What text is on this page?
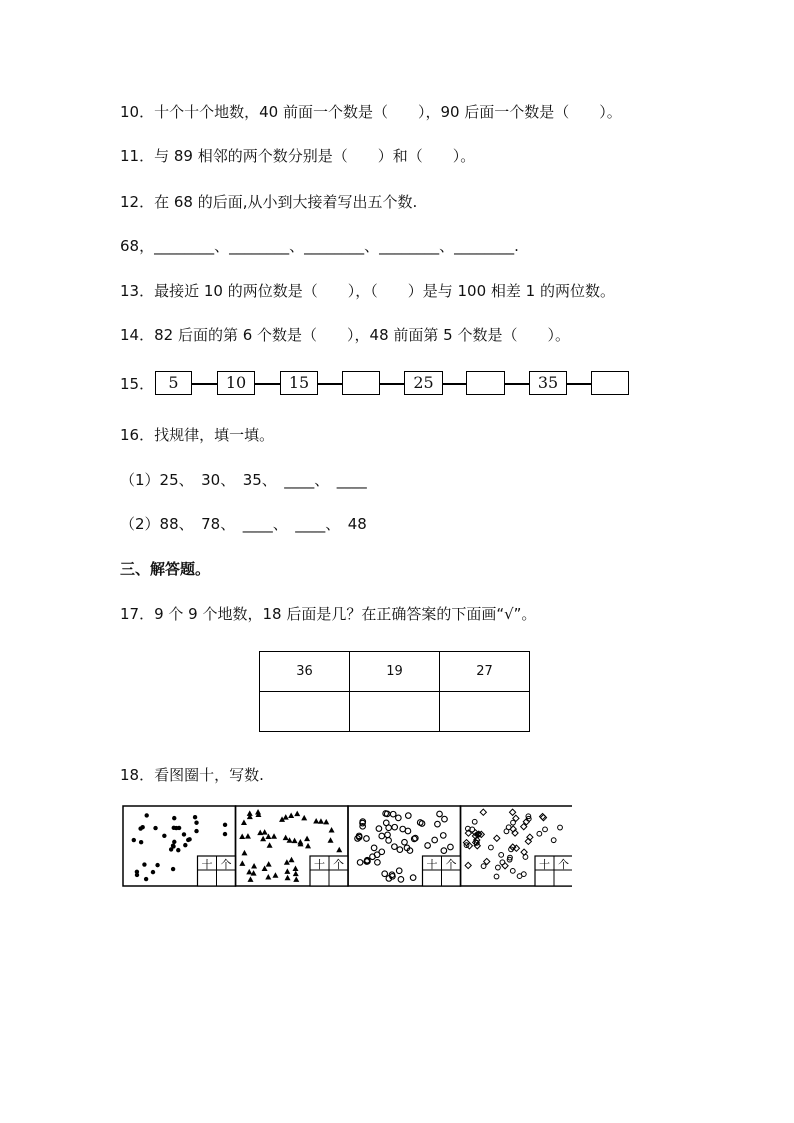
10．十个十个地数，40 前面一个数是（　　），90 后面一个数是（　　）。
11．与 89 相邻的两个数分别是（　　）和（　　）。
12．在 68 的后面,从小到大接着写出五个数.
68，________、________、________、________、________.
13．最接近 10 的两位数是（　　），（　　）是与 100 相差 1 的两位数。
14．82 后面的第 6 个数是（　　），48 前面第 5 个数是（　　）。
15． 5	10	15	25	35
16．找规律，填一填。
（1）25、　30、　35、　____、　____
（2）88、　78、　____、　____、　48
三、解答题。
17．9 个 9 个地数，18 后面是几？在正确答案的下面画“√”。
36	19	27

18．看图圈十，写数.
十 个	十 个	十 个	十 个
